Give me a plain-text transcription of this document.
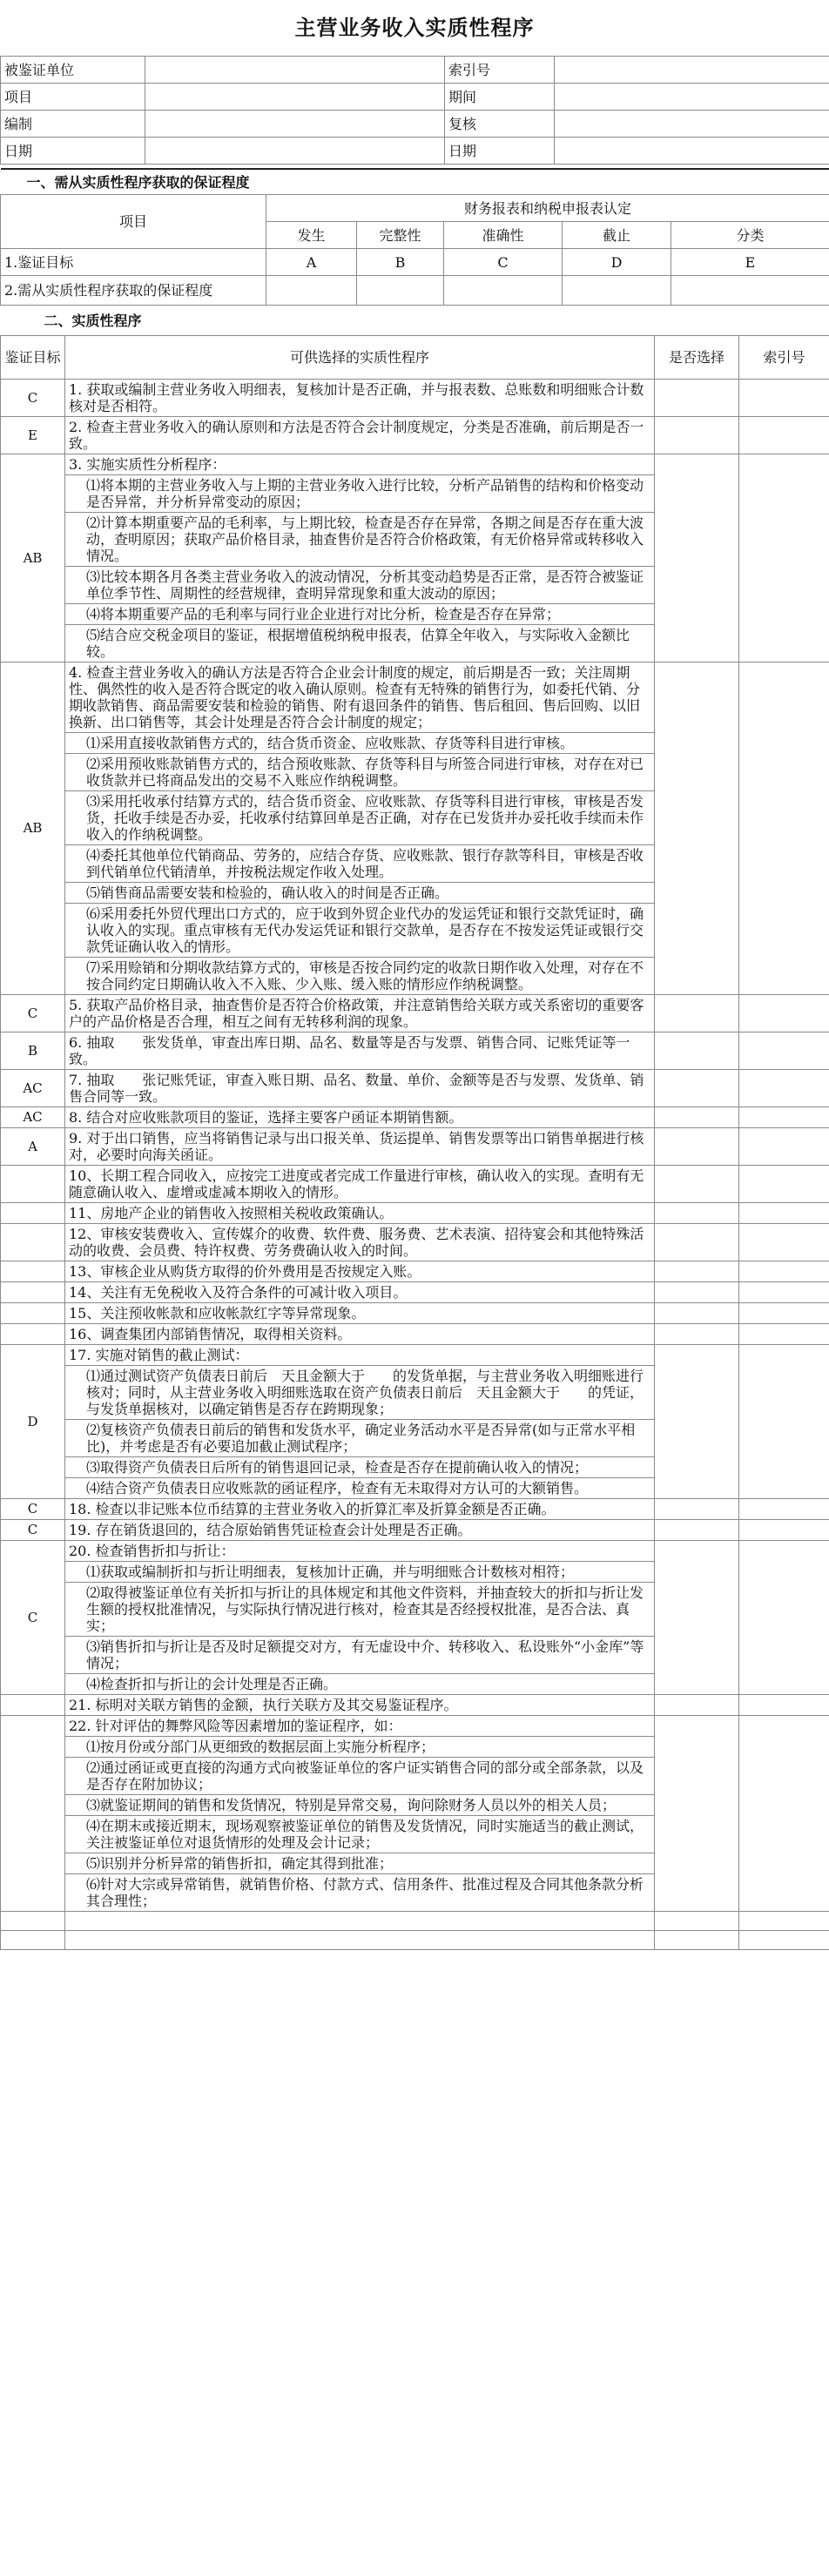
主营业务收入实质性程序
被鉴证单位		索引号	
项目		期间	
编制		复核	
日期		日期	
一、需从实质性程序获取的保证程度					
项目	财务报表和纳税申报表认定				
	发生	完整性	准确性	截止	分类
1.鉴证目标	A	B	C	D	E
2.需从实质性程序获取的保证程度					
二、实质性程序			
鉴证目标	可供选择的实质性程序	是否选择	索引号
C	1. 获取或编制主营业务收入明细表，复核加计是否正确，并与报表数、总账数和明细账合计数核对是否相符。		
E	2. 检查主营业务收入的确认原则和方法是否符合会计制度规定，分类是否准确，前后期是否一致。		
AB	3. 实施实质性分析程序：		
	⑴将本期的主营业务收入与上期的主营业务收入进行比较，分析产品销售的结构和价格变动是否异常，并分析异常变动的原因；		
	⑵计算本期重要产品的毛利率，与上期比较，检查是否存在异常，各期之间是否存在重大波动，查明原因；获取产品价格目录，抽查售价是否符合价格政策，有无价格异常或转移收入情况。		
	⑶比较本期各月各类主营业务收入的波动情况，分析其变动趋势是否正常，是否符合被鉴证单位季节性、周期性的经营规律，查明异常现象和重大波动的原因；		
	⑷将本期重要产品的毛利率与同行业企业进行对比分析，检查是否存在异常；		
	⑸结合应交税金项目的鉴证，根据增值税纳税申报表，估算全年收入，与实际收入金额比较。		
AB	4. 检查主营业务收入的确认方法是否符合企业会计制度的规定，前后期是否一致；关注周期性、偶然性的收入是否符合既定的收入确认原则。检查有无特殊的销售行为，如委托代销、分期收款销售、商品需要安装和检验的销售、附有退回条件的销售、售后租回、售后回购、以旧换新、出口销售等，其会计处理是否符合会计制度的规定；		
	⑴采用直接收款销售方式的，结合货币资金、应收账款、存货等科目进行审核。		
	⑵采用预收账款销售方式的，结合预收账款、存货等科目与所签合同进行审核，对存在对已收货款并已将商品发出的交易不入账应作纳税调整。		
	⑶采用托收承付结算方式的，结合货币资金、应收账款、存货等科目进行审核，审核是否发货，托收手续是否办妥，托收承付结算回单是否正确，对存在已发货并办妥托收手续而未作收入的作纳税调整。		
	⑷委托其他单位代销商品、劳务的，应结合存货、应收账款、银行存款等科目，审核是否收到代销单位代销清单，并按税法规定作收入处理。		
	⑸销售商品需要安装和检验的，确认收入的时间是否正确。		
	⑹采用委托外贸代理出口方式的，应于收到外贸企业代办的发运凭证和银行交款凭证时，确认收入的实现。重点审核有无代办发运凭证和银行交款单，是否存在不按发运凭证或银行交款凭证确认收入的情形。		
	⑺采用赊销和分期收款结算方式的，审核是否按合同约定的收款日期作收入处理，对存在不按合同约定日期确认收入不入账、少入账、缓入账的情形应作纳税调整。		
C	5. 获取产品价格目录，抽查售价是否符合价格政策，并注意销售给关联方或关系密切的重要客户的产品价格是否合理，相互之间有无转移利润的现象。		
B	6. 抽取　　张发货单，审查出库日期、品名、数量等是否与发票、销售合同、记账凭证等一致。		
AC	7. 抽取　　张记账凭证，审查入账日期、品名、数量、单价、金额等是否与发票、发货单、销售合同等一致。		
AC	8. 结合对应收账款项目的鉴证，选择主要客户函证本期销售额。		
A	9. 对于出口销售，应当将销售记录与出口报关单、货运提单、销售发票等出口销售单据进行核对，必要时向海关函证。		
	10、长期工程合同收入，应按完工进度或者完成工作量进行审核，确认收入的实现。查明有无随意确认收入、虚增或虚减本期收入的情形。		
	11、房地产企业的销售收入按照相关税收政策确认。		
	12、审核安装费收入、宣传媒介的收费、软件费、服务费、艺术表演、招待宴会和其他特殊活动的收费、会员费、特许权费、劳务费确认收入的时间。		
	13、审核企业从购货方取得的价外费用是否按规定入账。		
	14、关注有无免税收入及符合条件的可减计收入项目。		
	15、关注预收帐款和应收帐款红字等异常现象。		
	16、调查集团内部销售情况，取得相关资料。		
D	17. 实施对销售的截止测试：		
	⑴通过测试资产负债表日前后　天且金额大于　　的发货单据，与主营业务收入明细账进行核对；同时，从主营业务收入明细账选取在资产负债表日前后　天且金额大于　　的凭证，与发货单据核对，以确定销售是否存在跨期现象；		
	⑵复核资产负债表日前后的销售和发货水平，确定业务活动水平是否异常(如与正常水平相比)，并考虑是否有必要追加截止测试程序；		
	⑶取得资产负债表日后所有的销售退回记录，检查是否存在提前确认收入的情况；		
	⑷结合资产负债表日应收账款的函证程序，检查有无未取得对方认可的大额销售。		
C	18. 检查以非记账本位币结算的主营业务收入的折算汇率及折算金额是否正确。		
C	19. 存在销货退回的，结合原始销售凭证检查会计处理是否正确。		
C	20. 检查销售折扣与折让：		
	⑴获取或编制折扣与折让明细表，复核加计正确，并与明细账合计数核对相符；		
	⑵取得被鉴证单位有关折扣与折让的具体规定和其他文件资料，并抽查较大的折扣与折让发生额的授权批准情况，与实际执行情况进行核对，检查其是否经授权批准，是否合法、真实；		
	⑶销售折扣与折让是否及时足额提交对方，有无虚设中介、转移收入、私设账外“小金库”等情况；		
	⑷检查折扣与折让的会计处理是否正确。		
	21. 标明对关联方销售的金额，执行关联方及其交易鉴证程序。		
	22. 针对评估的舞弊风险等因素增加的鉴证程序，如：		
	⑴按月份或分部门从更细致的数据层面上实施分析程序；		
	⑵通过函证或更直接的沟通方式向被鉴证单位的客户证实销售合同的部分或全部条款，以及是否存在附加协议；		
	⑶就鉴证期间的销售和发货情况，特别是异常交易，询问除财务人员以外的相关人员；		
	⑷在期末或接近期末，现场观察被鉴证单位的销售及发货情况，同时实施适当的截止测试，关注被鉴证单位对退货情形的处理及会计记录；		
	⑸识别并分析异常的销售折扣，确定其得到批准；		
	⑹针对大宗或异常销售，就销售价格、付款方式、信用条件、批准过程及合同其他条款分析其合理性；		
